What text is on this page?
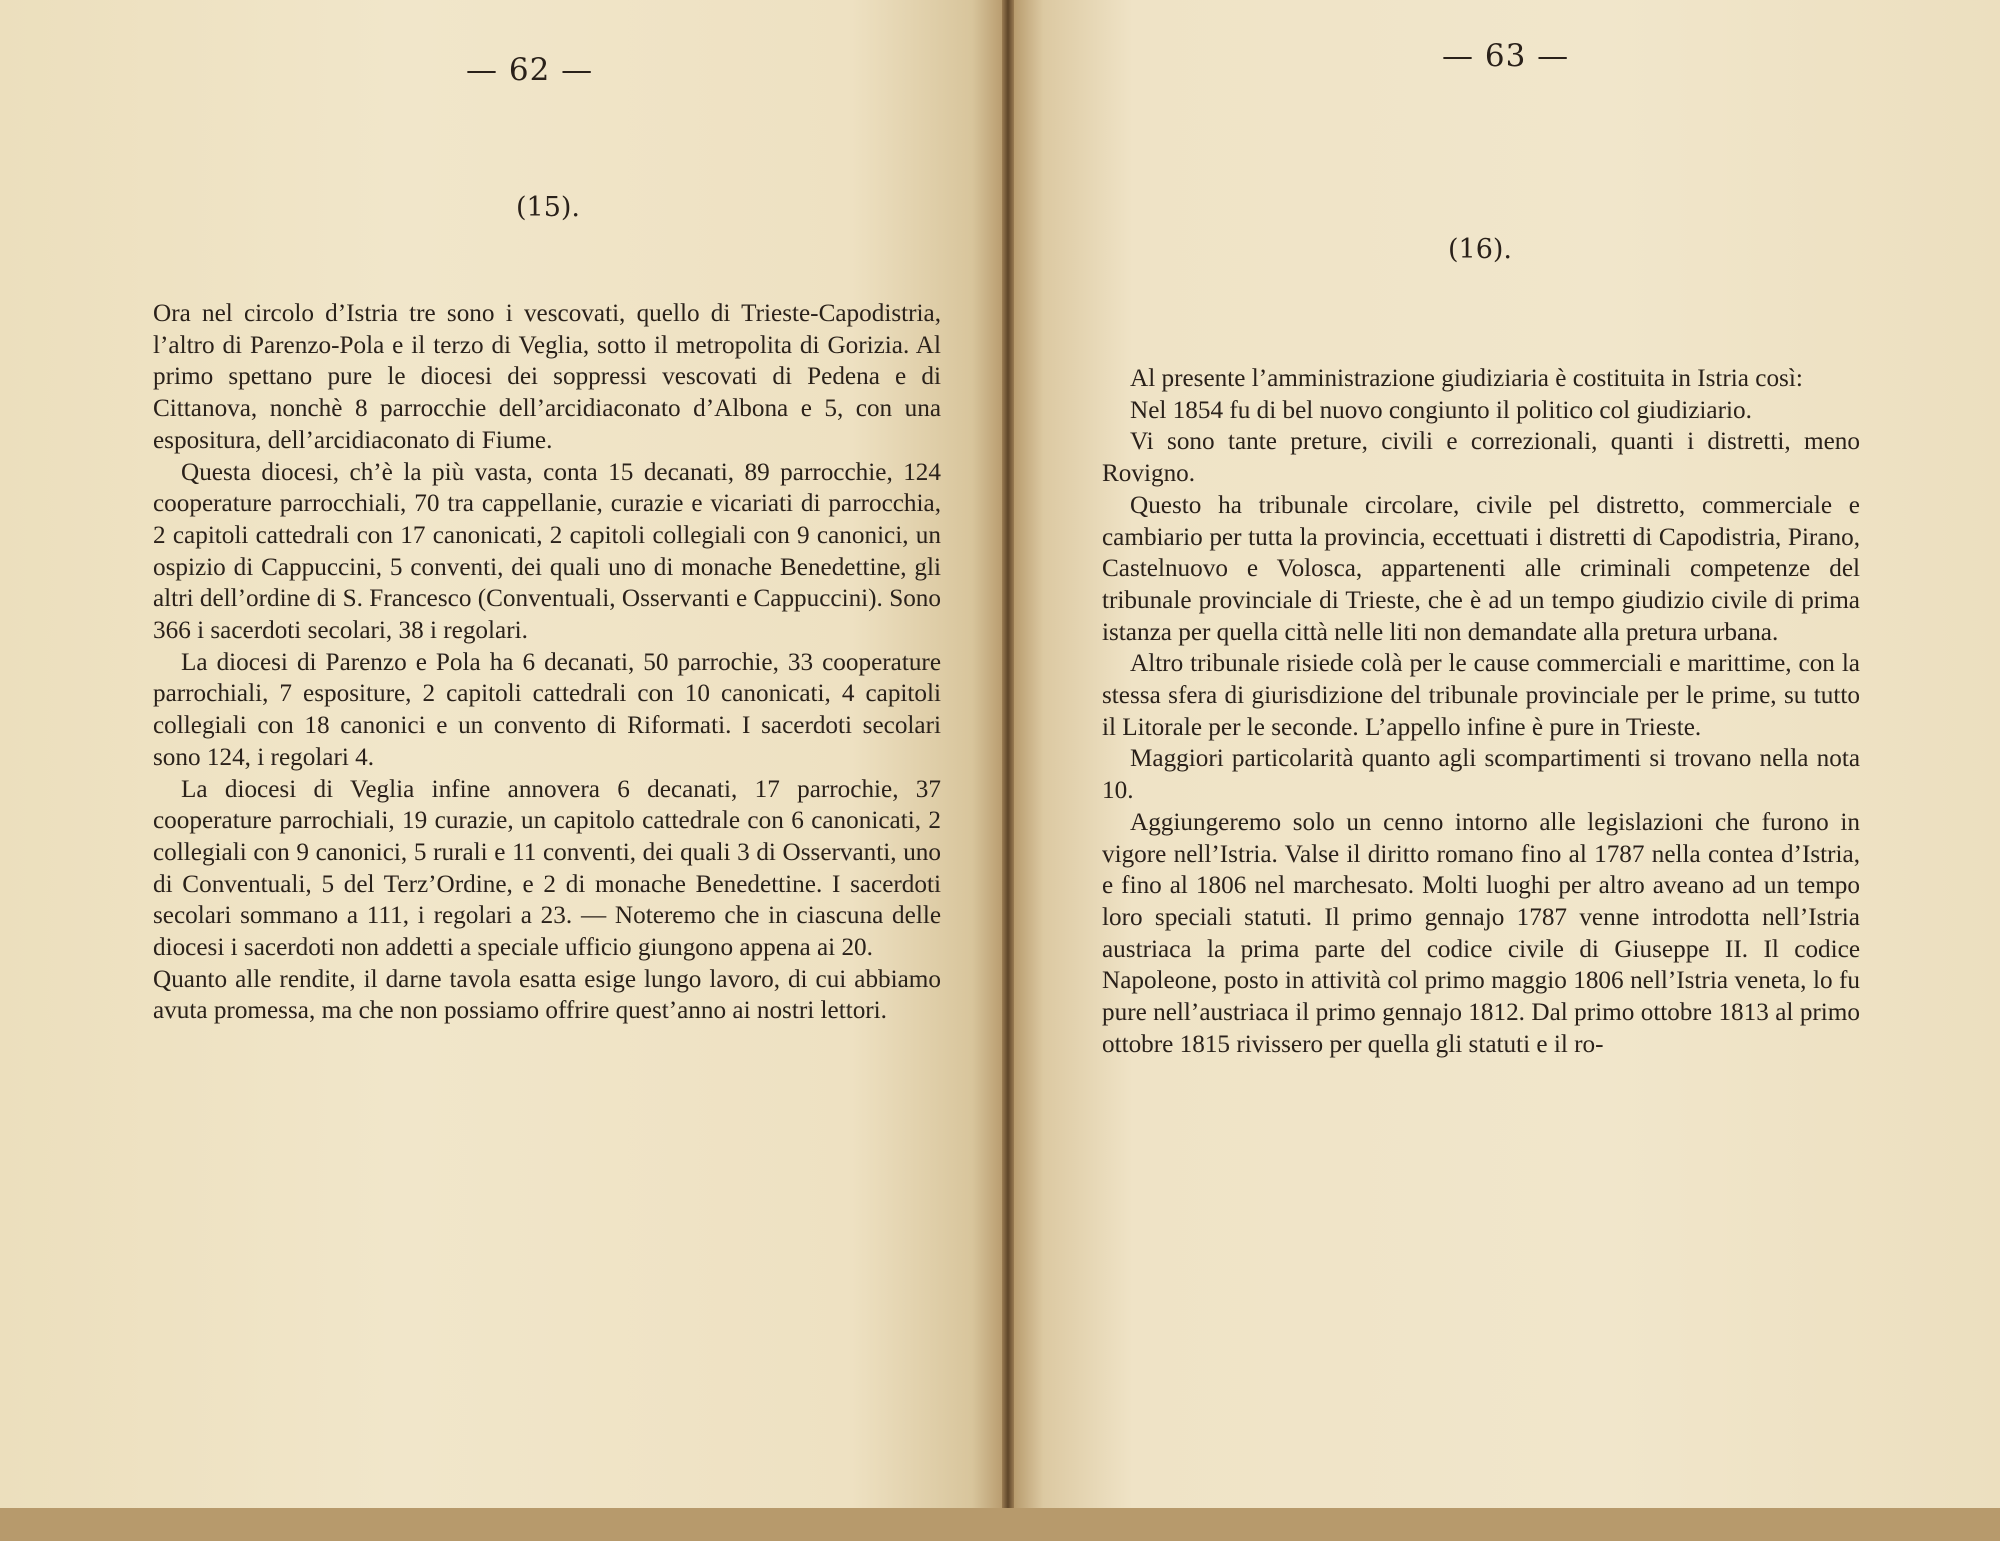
— 62 —
(15).

Ora nel circolo d’Istria tre sono i vescovati, quello di Trieste-Capodistria, l’altro di Parenzo-Pola e il terzo di Veglia, sotto il metropolita di Gorizia. Al primo spettano pure le diocesi dei soppressi vescovati di Pedena e di Cittanova, nonchè 8 parrocchie dell’arcidiaconato d’Albona e 5, con una espositura, dell’arcidiaconato di Fiume.

Questa diocesi, ch’è la più vasta, conta 15 decanati, 89 parrocchie, 124 cooperature parrocchiali, 70 tra cappellanie, curazie e vicariati di parrocchia, 2 capitoli cattedrali con 17 canonicati, 2 capitoli collegiali con 9 canonici, un ospizio di Cappuccini, 5 conventi, dei quali uno di monache Benedettine, gli altri dell’ordine di S. Francesco (Conventuali, Osservanti e Cappuccini). Sono 366 i sacerdoti secolari, 38 i regolari.

La diocesi di Parenzo e Pola ha 6 decanati, 50 parrochie, 33 cooperature parrochiali, 7 espositure, 2 capitoli cattedrali con 10 canonicati, 4 capitoli collegiali con 18 canonici e un convento di Riformati. I sacerdoti secolari sono 124, i regolari 4.

La diocesi di Veglia infine annovera 6 decanati, 17 parrochie, 37 cooperature parrochiali, 19 curazie, un capitolo cattedrale con 6 canonicati, 2 collegiali con 9 canonici, 5 rurali e 11 conventi, dei quali 3 di Osservanti, uno di Conventuali, 5 del Terz’Ordine, e 2 di monache Benedettine. I sacerdoti secolari sommano a 111, i regolari a 23. — Noteremo che in ciascuna delle diocesi i sacerdoti non addetti a speciale ufficio giungono appena ai 20.

Quanto alle rendite, il darne tavola esatta esige lungo lavoro, di cui abbiamo avuta promessa, ma che non possiamo offrire quest’anno ai nostri lettori.

— 63 —
(16).

Al presente l’amministrazione giudiziaria è costituita in Istria così:

Nel 1854 fu di bel nuovo congiunto il politico col giudiziario.

Vi sono tante preture, civili e correzionali, quanti i distretti, meno Rovigno.

Questo ha tribunale circolare, civile pel distretto, commerciale e cambiario per tutta la provincia, eccettuati i distretti di Capodistria, Pirano, Castelnuovo e Volosca, appartenenti alle criminali competenze del tribunale provinciale di Trieste, che è ad un tempo giudizio civile di prima istanza per quella città nelle liti non demandate alla pretura urbana.

Altro tribunale risiede colà per le cause commerciali e marittime, con la stessa sfera di giurisdizione del tribunale provinciale per le prime, su tutto il Litorale per le seconde. L’appello infine è pure in Trieste.

Maggiori particolarità quanto agli scompartimenti si trovano nella nota 10.

Aggiungeremo solo un cenno intorno alle legislazioni che furono in vigore nell’Istria. Valse il diritto romano fino al 1787 nella contea d’Istria, e fino al 1806 nel marchesato. Molti luoghi per altro aveano ad un tempo loro speciali statuti. Il primo gennajo 1787 venne introdotta nell’Istria austriaca la prima parte del codice civile di Giuseppe II. Il codice Napoleone, posto in attività col primo maggio 1806 nell’Istria veneta, lo fu pure nell’austriaca il primo gennajo 1812. Dal primo ottobre 1813 al primo ottobre 1815 rivissero per quella gli statuti e il ro-
